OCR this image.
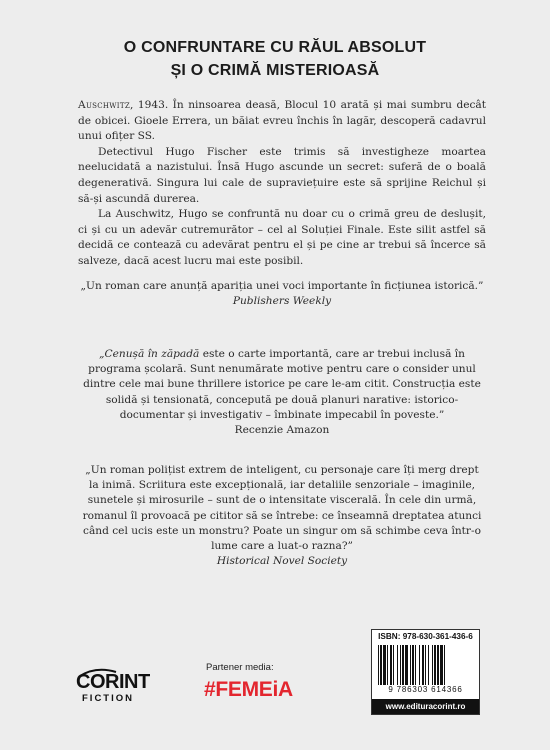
O CONFRUNTARE CU RĂUL ABSOLUT
ȘI O CRIMĂ MISTERIOASĂ

Auschwitz, 1943. În ninsoarea deasă, Blocul 10 arată și mai sumbru decât de obicei. Gioele Errera, un băiat evreu închis în lagăr, descoperă cadavrul unui ofițer SS.

Detectivul Hugo Fischer este trimis să investigheze moartea neelucidată a nazistului. Însă Hugo ascunde un secret: suferă de o boală degenerativă. Singura lui cale de supraviețuire este să sprijine Reichul și să-și ascundă durerea.

La Auschwitz, Hugo se confruntă nu doar cu o crimă greu de deslușit, ci și cu un adevăr cutremurător – cel al Soluției Finale. Este silit astfel să decidă ce contează cu adevărat pentru el și pe cine ar trebui să încerce să salveze, dacă acest lucru mai este posibil.

„Un roman care anunță apariția unei voci importante în ficțiunea istorică.”

Publishers Weekly

„Cenușă în zăpadă este o carte importantă, care ar trebui inclusă în programa școlară. Sunt nenumărate motive pentru care o consider unul dintre cele mai bune thrillere istorice pe care le-am citit. Construcția este solidă și tensionată, concepută pe două planuri narative: istorico-documentar și investigativ – îmbinate impecabil în poveste.”

Recenzie Amazon

„Un roman polițist extrem de inteligent, cu personaje care îți merg drept la inimă. Scriitura este excepțională, iar detaliile senzoriale – imaginile, sunetele și mirosurile – sunt de o intensitate viscerală. În cele din urmă, romanul îl provoacă pe cititor să se întrebe: ce înseamnă dreptatea atunci când cel ucis este un monstru? Poate un singur om să schimbe ceva într-o lume care a luat-o razna?”

Historical Novel Society

CORINT
FICTION
Partener media:
#FEMEiA
ISBN: 978-630-361-436-6
9 786303 614366
www.edituracorint.ro
